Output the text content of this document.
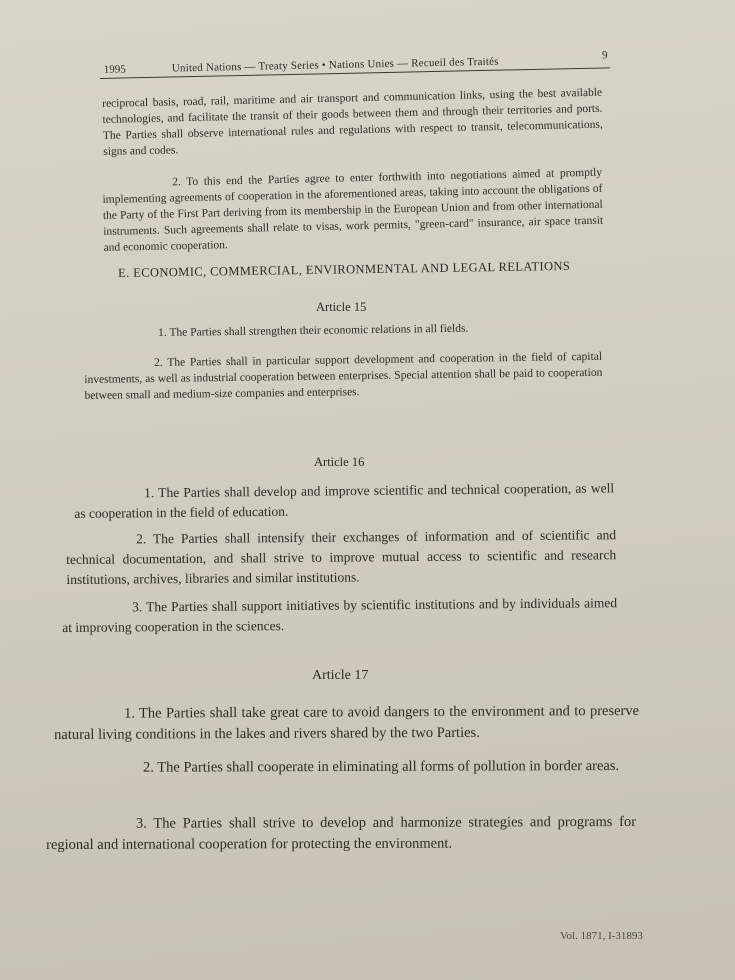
1995	United Nations — Treaty Series • Nations Unies — Recueil des Traités
9

reciprocal basis, road, rail, maritime and air transport and communication links, using the best available technologies, and facilitate the transit of their goods between them and through their territories and ports. The Parties shall observe international rules and regulations with respect to transit, telecommunications, signs and codes.

2. To this end the Parties agree to enter forthwith into negotiations aimed at promptly implementing agreements of cooperation in the aforementioned areas, taking into account the obligations of the Party of the First Part deriving from its membership in the European Union and from other international instruments. Such agreements shall relate to visas, work permits, "green-card" insurance, air space transit and economic cooperation.

E. ECONOMIC, COMMERCIAL, ENVIRONMENTAL AND LEGAL RELATIONS
Article 15

1. The Parties shall strengthen their economic relations in all fields.

2. The Parties shall in particular support development and cooperation in the field of capital investments, as well as industrial cooperation between enterprises. Special attention shall be paid to cooperation between small and medium-size companies and enterprises.

Article 16

1. The Parties shall develop and improve scientific and technical cooperation, as well as cooperation in the field of education.

2. The Parties shall intensify their exchanges of information and of scientific and technical documentation, and shall strive to improve mutual access to scientific and research institutions, archives, libraries and similar institutions.

3. The Parties shall support initiatives by scientific institutions and by individuals aimed at improving cooperation in the sciences.

Article 17

1. The Parties shall take great care to avoid dangers to the environment and to preserve natural living conditions in the lakes and rivers shared by the two Parties.

2. The Parties shall cooperate in eliminating all forms of pollution in border areas.

3. The Parties shall strive to develop and harmonize strategies and programs for regional and international cooperation for protecting the environment.

Vol. 1871, I-31893
